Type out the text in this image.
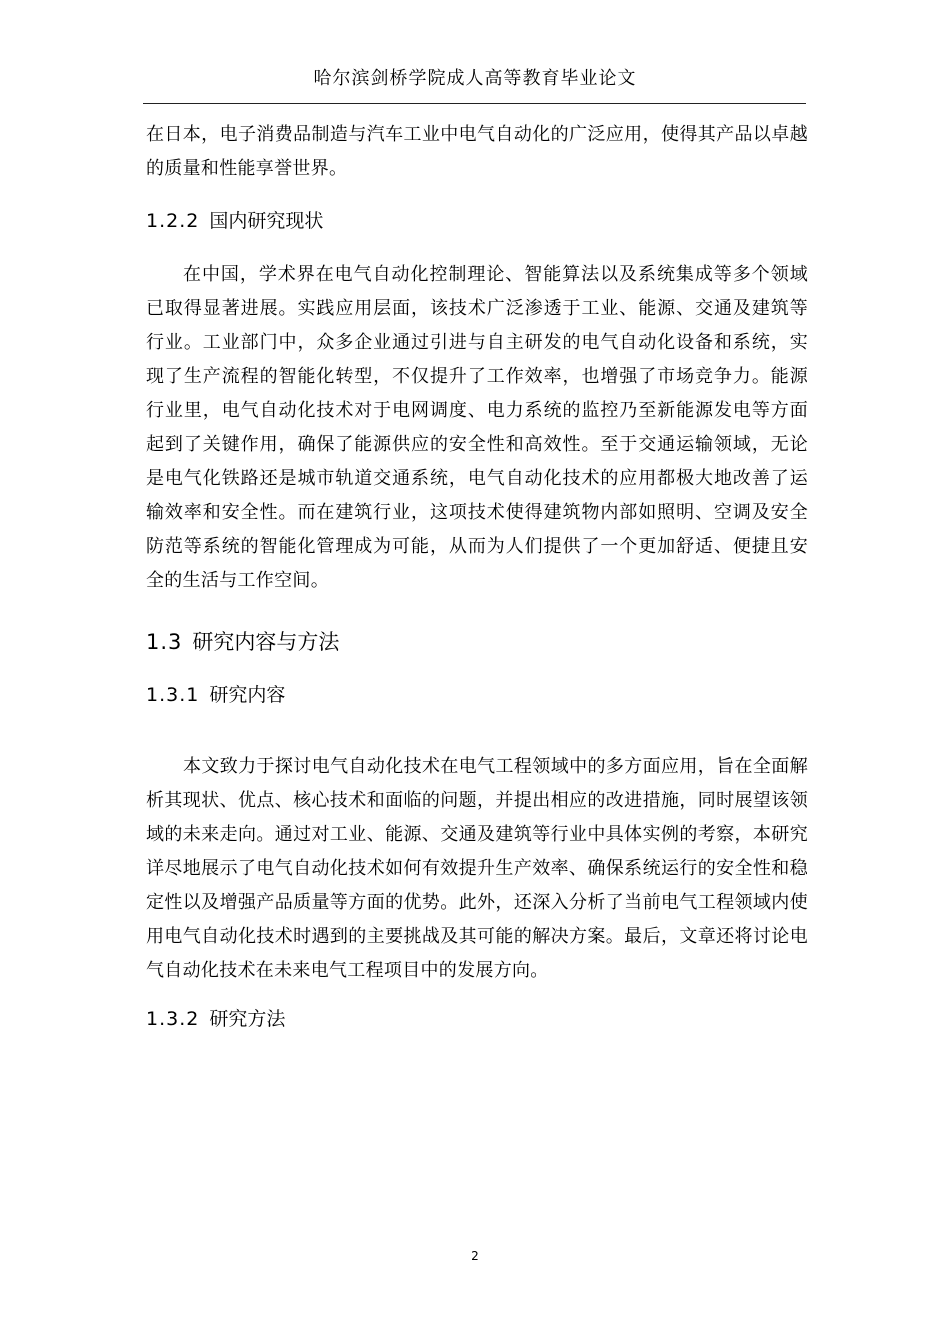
哈尔滨剑桥学院成人高等教育毕业论文

在日本，电子消费品制造与汽车工业中电气自动化的广泛应用，使得其产品以卓越的质量和性能享誉世界。

1.2.2 国内研究现状

在中国，学术界在电气自动化控制理论、智能算法以及系统集成等多个领域 已取得显著进展。实践应用层面，该技术广泛渗透于工业、能源、交通及建筑等 行业。工业部门中，众多企业通过引进与自主研发的电气自动化设备和系统，实 现了生产流程的智能化转型，不仅提升了工作效率，也增强了市场竞争力。能源 行业里，电气自动化技术对于电网调度、电力系统的监控乃至新能源发电等方面 起到了关键作用，确保了能源供应的安全性和高效性。至于交通运输领域，无论 是电气化铁路还是城市轨道交通系统，电气自动化技术的应用都极大地改善了运 输效率和安全性。而在建筑行业，这项技术使得建筑物内部如照明、空调及安全 防范等系统的智能化管理成为可能，从而为人们提供了一个更加舒适、便捷且安 全的生活与工作空间。

1.3 研究内容与方法
1.3.1 研究内容

本文致力于探讨电气自动化技术在电气工程领域中的多方面应用，旨在全面解析其现状、优点、核心技术和面临的问题，并提出相应的改进措施，同时展望该领域的未来走向。通过对工业、能源、交通及建筑等行业中具体实例的考察，本研究详尽地展示了电气自动化技术如何有效提升生产效率、确保系统运行的安全性和稳定性以及增强产品质量等方面的优势。此外，还深入分析了当前电气工程领域内使用电气自动化技术时遇到的主要挑战及其可能的解决方案。最后，文章还将讨论电气自动化技术在未来电气工程项目中的发展方向。

1.3.2 研究方法
2
